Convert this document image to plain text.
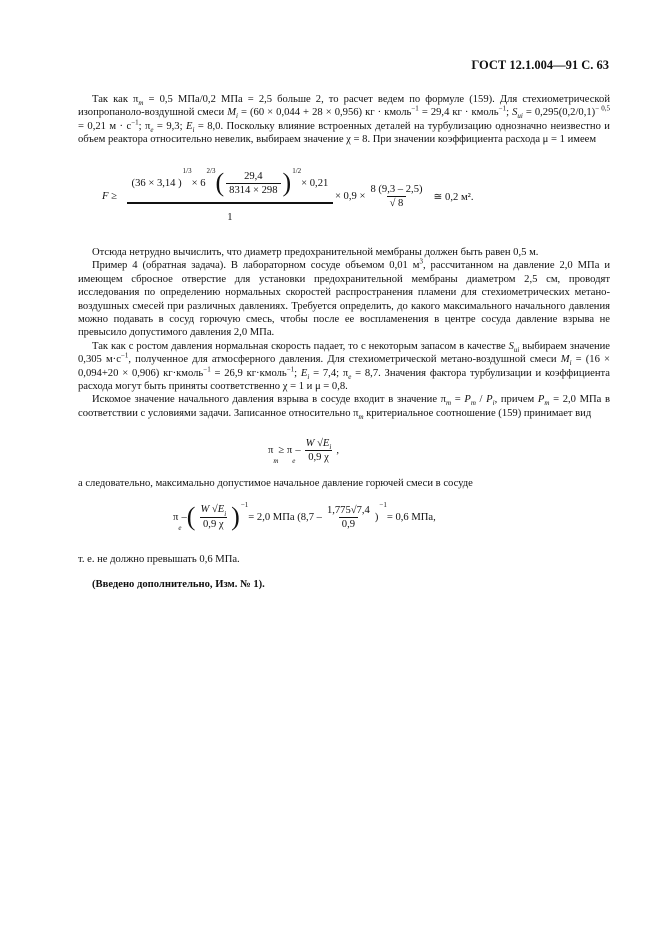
ГОСТ 12.1.004—91 С. 63

Так как $\pi_m = 0,5$ МПа/0,2 МПа = 2,5 больше 2, то расчет ведем по формуле (159). Для стехиометрической изопропаноло-воздушной смеси $M_i = (60 \times 0,044 + 28 \times 0,956)$ кг · кмоль$^{-1}$ = 29,4 кг · кмоль$^{-1}$; $S_{ui} = 0,295(0,2/0,1)^{- 0,5} = 0,21$ $м \cdot с^{-1}$; $\pi_e = 9,3$; $E_i = 8,0$. Поскольку влияние встроенных деталей на турбулизацию однозначно неизвестно и объем реактора относительно невелик, выбираем значение χ = 8. При значении коэффициента расхода μ = 1 имеем

F ≥
(36 × 3,14 )
$^{1/3}$
× 6
$^{2/3}$ ( $\frac{29,4}{8314 \times 298} )^{1/2}$
× 0,21
1
× $0,9 \times \frac{8 (9,3 - 2,5)}{√ 8}$ ≅ 0,2 м².

Отсюда нетрудно вычислить, что диаметр предохранительной мембраны должен быть равен 0,5 м.

Пример 4 (обратная задача). В лабораторном сосуде объемом 0,01 $м^3$, рассчитанном на давление 2,0 МПа и имеющем сбросное отверстие для установки предохранительной мембраны диаметром 2,5 см, проводят исследования по определению нормальных скоростей распространения пламени для стехиометрических метано-воздушных смесей при различных давлениях. Требуется определить, до какого максимального начального давления можно подавать в сосуд горючую смесь, чтобы после ее воспламенения в центре сосуда давление взрыва не превысило допустимого давления 2,0 МПа.

Так как с ростом давления нормальная скорость падает, то с некоторым запасом в качестве $S_{ui}$ выбираем значение 0,305 $м\cdot с^{-1}$, полученное для атмосферного давления. Для стехиометрической метано-воздушной смеси $M_i = (16 \times 0,094+20 \times 0,906)$ кг·кмоль$^{-1}$ = 26,9 кг·кмоль$^{-1}$; $E_i = 7,4$; $\pi_e = 8,7$. Значения фактора турбулизации и коэффициента расхода могут быть приняты соответственно χ = 1 и μ = 0,8.

Искомое значение начального давления взрыва в сосуде входит в значение $\pi_m = P_m / P_i$, причем $P_m = 2,0$ МПа в соответствии с условиями задачи. Записанное относительно $\pi_m$ критериальное соотношение (159) принимает вид

π
m
≥ π
e
– $\frac{W √E_i}{0,9 \chi}$ ,

а следовательно, максимально допустимое начальное давление горючей смеси в сосуде

π
e
– ( $\frac{W √E_i}{0,9 \chi} )^{-1}$
= 2,0 МПа ($8,7 - \frac{1,775√7,4}{0,9}$ )
$^{-1}$
= 0,6 МПа,

т. е. не должно превышать 0,6 МПа.

(Введено дополнительно, Изм. № 1).
